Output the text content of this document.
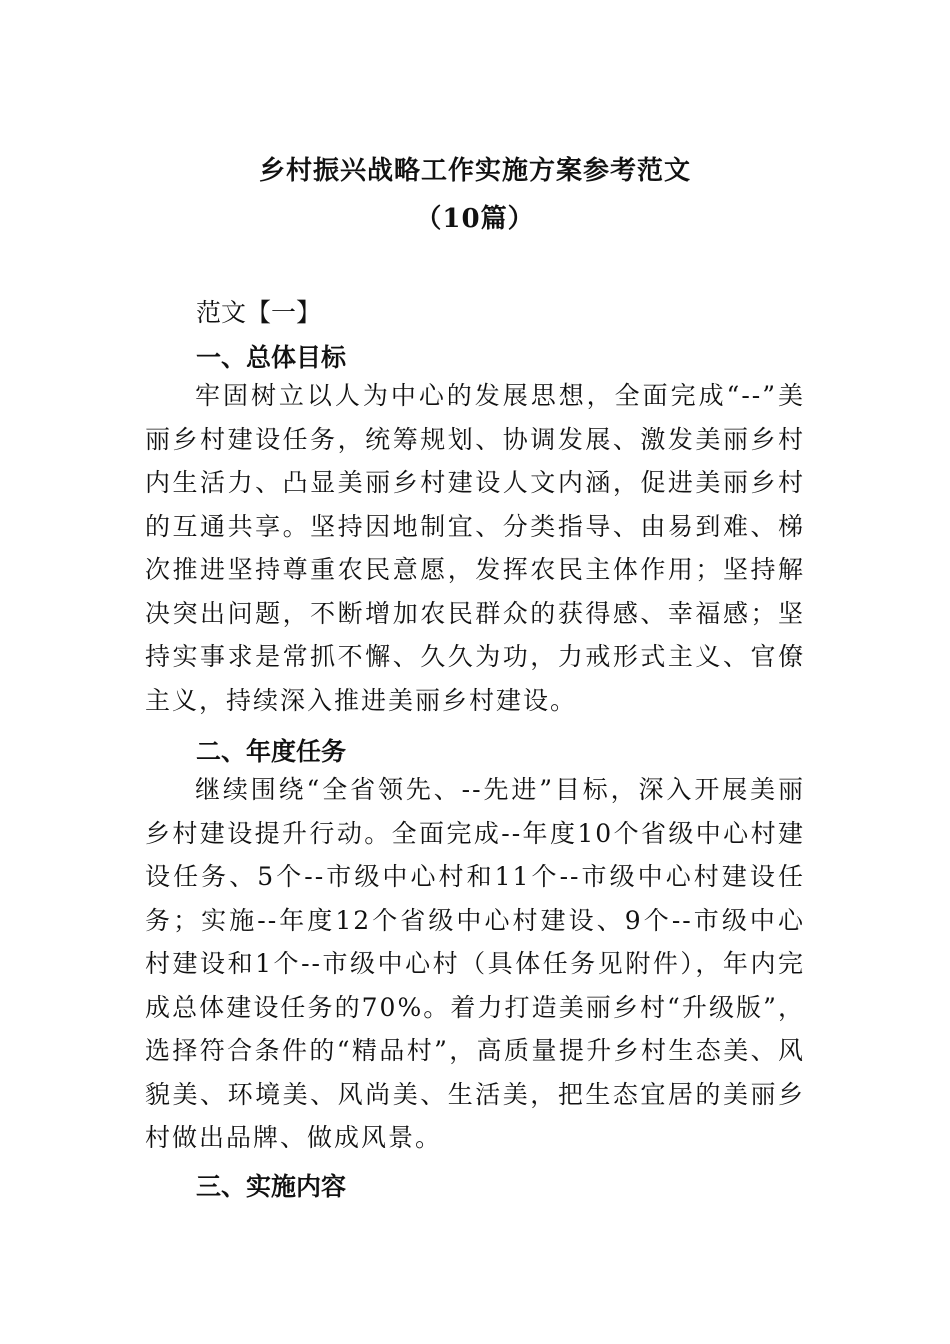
乡村振兴战略工作实施方案参考范文
（10篇）
范文【一】
一、总体目标
牢固树立以人为中心的发展思想，全面完成“--”美丽乡村建设任务，统筹规划、协调发展、激发美丽乡村内生活力、凸显美丽乡村建设人文内涵，促进美丽乡村的互通共享。坚持因地制宜、分类指导、由易到难、梯次推进坚持尊重农民意愿，发挥农民主体作用；坚持解决突出问题，不断增加农民群众的获得感、幸福感；坚持实事求是常抓不懈、久久为功，力戒形式主义、官僚主义，持续深入推进美丽乡村建设。
二、年度任务
继续围绕“全省领先、--先进”目标，深入开展美丽乡村建设提升行动。全面完成--年度10个省级中心村建设任务、5个--市级中心村和11个--市级中心村建设任务；实施--年度12个省级中心村建设、9个--市级中心村建设和1个--市级中心村（具体任务见附件），年内完成总体建设任务的70%。着力打造美丽乡村“升级版”，选择符合条件的“精品村”，高质量提升乡村生态美、风貌美、环境美、风尚美、生活美，把生态宜居的美丽乡村做出品牌、做成风景。
三、实施内容
